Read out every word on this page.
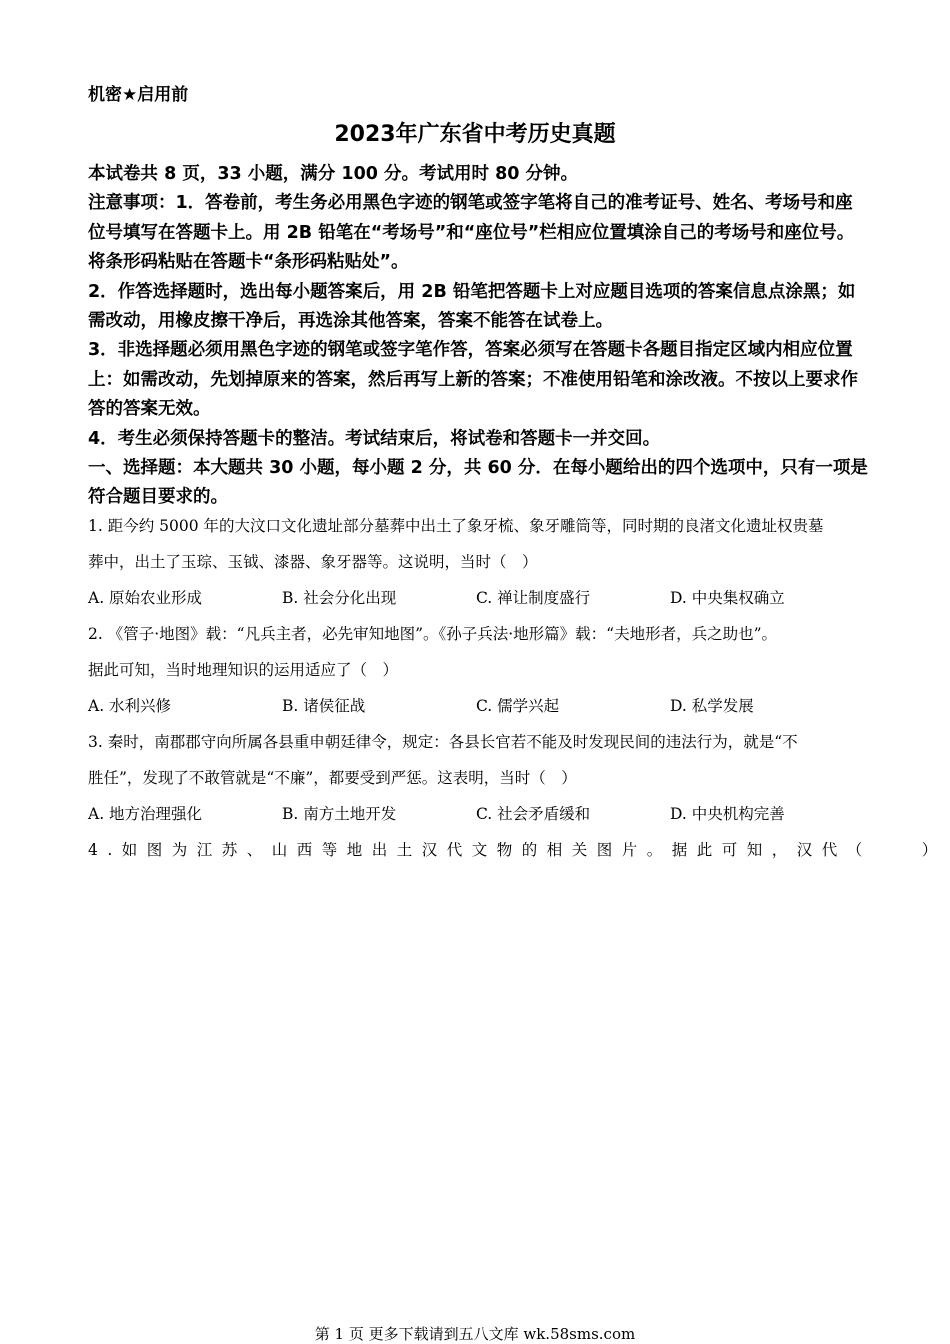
机密★启用前
2023年广东省中考历史真题

本试卷共 8 页，33 小题，满分 100 分。考试用时 80 分钟。

注意事项：1．答卷前，考生务必用黑色字迹的钢笔或签字笔将自己的准考证号、姓名、考场号和座位号填写在答题卡上。用 2B 铅笔在“考场号”和“座位号”栏相应位置填涂自己的考场号和座位号。将条形码粘贴在答题卡“条形码粘贴处”。

2．作答选择题时，选出每小题答案后，用 2B 铅笔把答题卡上对应题目选项的答案信息点涂黑；如需改动，用橡皮擦干净后，再选涂其他答案，答案不能答在试卷上。

3．非选择题必须用黑色字迹的钢笔或签字笔作答，答案必须写在答题卡各题目指定区域内相应位置上：如需改动，先划掉原来的答案，然后再写上新的答案；不准使用铅笔和涂改液。不按以上要求作答的答案无效。

4．考生必须保持答题卡的整洁。考试结束后，将试卷和答题卡一并交回。

一、选择题：本大题共 30 小题，每小题 2 分，共 60 分．在每小题给出的四个选项中，只有一项是符合题目要求的。

1. 距今约 5000 年的大汶口文化遗址部分墓葬中出土了象牙梳、象牙雕筒等，同时期的良渚文化遗址权贵墓
葬中，出土了玉琮、玉钺、漆器、象牙器等。这说明，当时（　）
A. 原始农业形成	B. 社会分化出现	C. 禅让制度盛行	D. 中央集权确立
2. 《管子·地图》载：“凡兵主者，必先审知地图”。《孙子兵法·地形篇》载：“夫地形者，兵之助也”。
据此可知，当时地理知识的运用适应了（　）
A. 水利兴修	B. 诸侯征战	C. 儒学兴起	D. 私学发展
3. 秦时，南郡郡守向所属各县重申朝廷律令，规定：各县长官若不能及时发现民间的违法行为，就是“不
胜任”，发现了不敢管就是“不廉”，都要受到严惩。这表明，当时（　）
A. 地方治理强化	B. 南方土地开发	C. 社会矛盾缓和	D. 中央机构完善
4.如图为江苏、山西等地出土汉代文物的相关图片。据此可知，汉代（　　）
第 1 页 更多下载请到五八文库 wk.58sms.com
